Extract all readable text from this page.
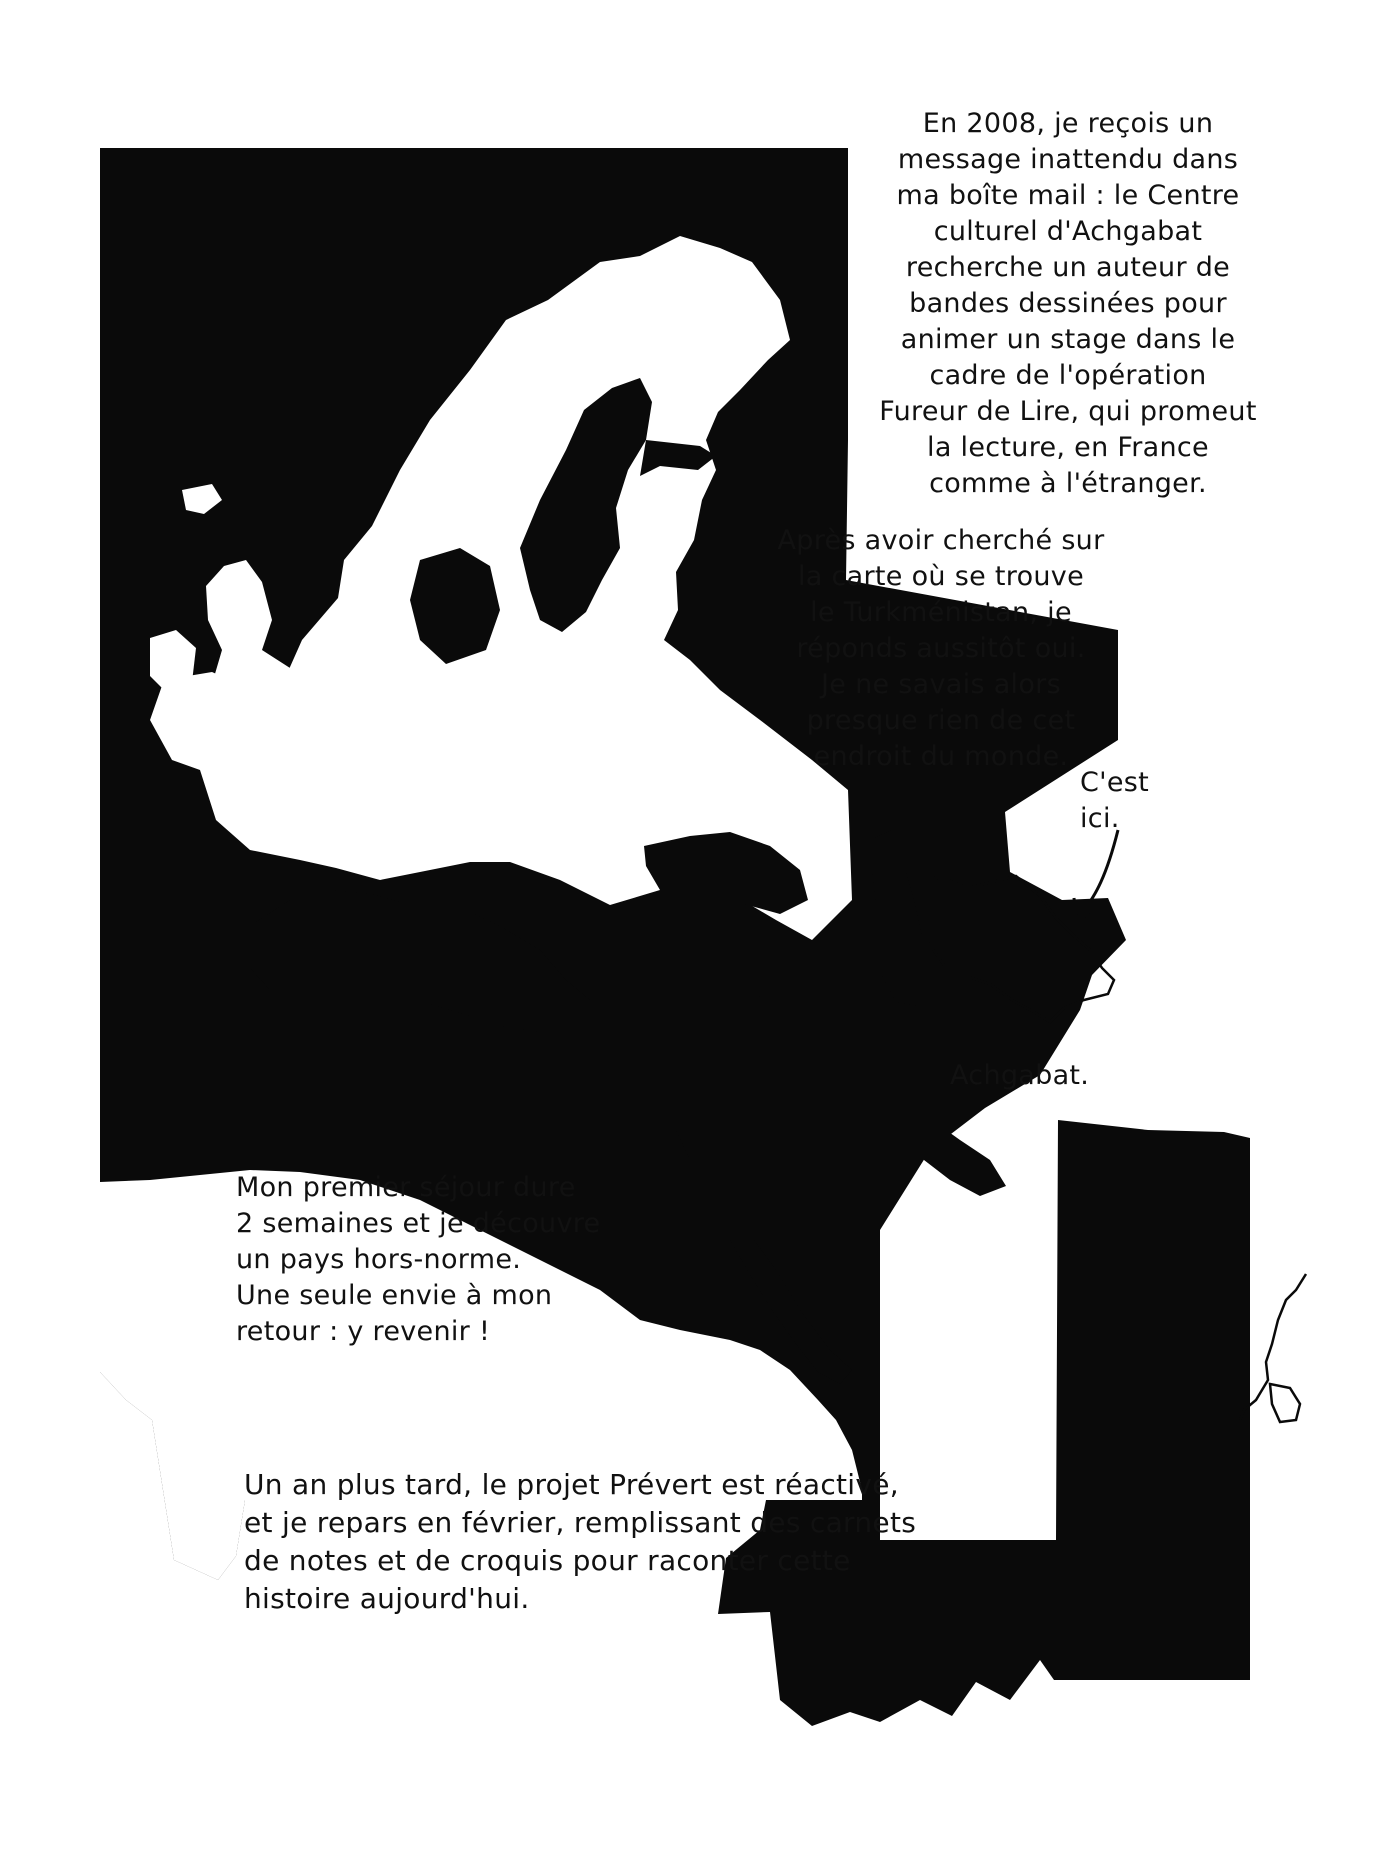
En 2008, je reçois un
message inattendu dans
ma boîte mail : le Centre
culturel d'Achgabat
recherche un auteur de
bandes dessinées pour
animer un stage dans le
cadre de l'opération
Fureur de Lire, qui promeut
la lecture, en France
comme à l'étranger.

Après avoir cherché sur
la carte où se trouve
le Turkménistan, je
réponds aussitôt oui.
Je ne savais alors
presque rien de cet
endroit du monde.

C'est
ici.

Achgabat.

Mon premier séjour dure
2 semaines et je découvre
un pays hors-norme.
Une seule envie à mon
retour : y revenir !

Un an plus tard, le projet Prévert est réactivé,
et je repars en février, remplissant des carnets
de notes et de croquis pour raconter cette
histoire aujourd'hui.
